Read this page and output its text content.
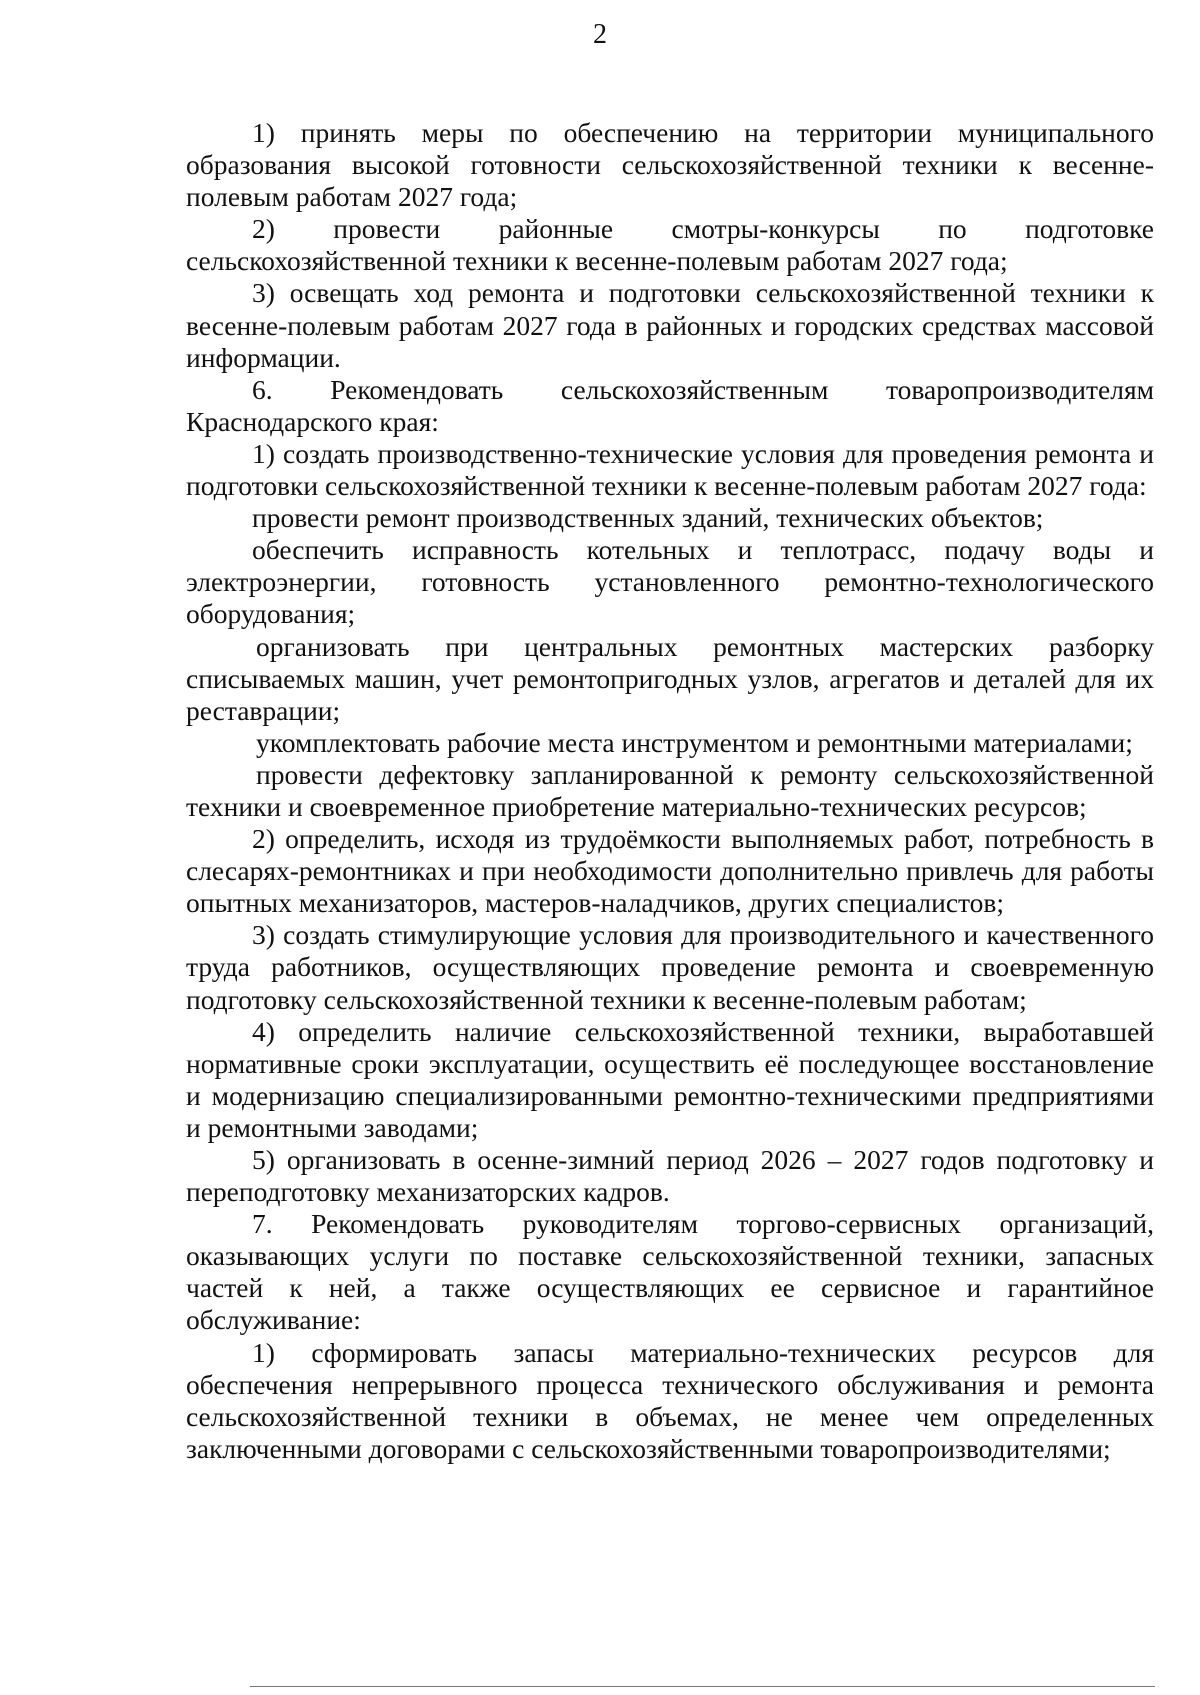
2

1) принять меры по обеспечению на территории муниципального образования высокой готовности сельскохозяйственной техники к весенне-полевым работам 2027 года;

2) провести районные смотры-конкурсы по подготовке сельскохозяйственной техники к весенне-полевым работам 2027 года;

3) освещать ход ремонта и подготовки сельскохозяйственной техники к весенне-полевым работам 2027 года в районных и городских средствах массовой информации.

6. Рекомендовать сельскохозяйственным товаропроизводителям Краснодарского края:

1) создать производственно-технические условия для проведения ремонта и подготовки сельскохозяйственной техники к весенне-полевым работам 2027 года:

провести ремонт производственных зданий, технических объектов;

обеспечить исправность котельных и теплотрасс, подачу воды и электроэнергии, готовность установленного ремонтно-технологического оборудования;

организовать при центральных ремонтных мастерских разборку списываемых машин, учет ремонтопригодных узлов, агрегатов и деталей для их реставрации;

укомплектовать рабочие места инструментом и ремонтными материалами;

провести дефектовку запланированной к ремонту сельскохозяйственной техники и своевременное приобретение материально-технических ресурсов;

2) определить, исходя из трудоёмкости выполняемых работ, потребность в слесарях-ремонтниках и при необходимости дополнительно привлечь для работы опытных механизаторов, мастеров-наладчиков, других специалистов;

3) создать стимулирующие условия для производительного и качественного труда работников, осуществляющих проведение ремонта и своевременную подготовку сельскохозяйственной техники к весенне-полевым работам;

4) определить наличие сельскохозяйственной техники, выработавшей нормативные сроки эксплуатации, осуществить её последующее восстановление и модернизацию специализированными ремонтно-техническими предприятиями и ремонтными заводами;

5) организовать в осенне-зимний период 2026 – 2027 годов подготовку и переподготовку механизаторских кадров.

7. Рекомендовать руководителям торгово-сервисных организаций, оказывающих услуги по поставке сельскохозяйственной техники, запасных частей к ней, а также осуществляющих ее сервисное и гарантийное обслуживание:

1) сформировать запасы материально-технических ресурсов для обеспечения непрерывного процесса технического обслуживания и ремонта сельскохозяйственной техники в объемах, не менее чем определенных заключенными договорами с сельскохозяйственными товаропроизводителями;
